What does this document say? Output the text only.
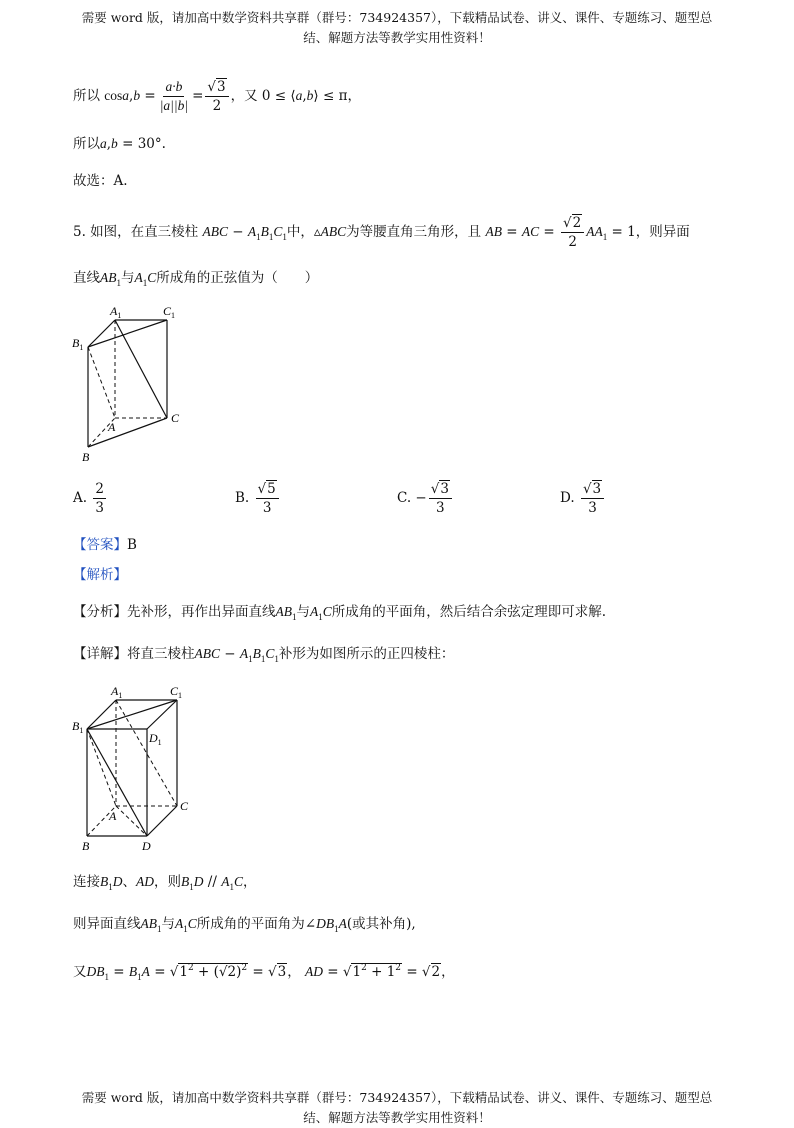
需要 word 版，请加高中数学资料共享群（群号：734924357），下载精品试卷、讲义、课件、专题练习、题型总
结、解题方法等教学实用性资料！
所以 $\cos a,b = \frac{a\cdot b}{|a||b|} = \frac{√3}{2}$ ，又 0 ≤ ⟨a,b⟩ ≤ π，
所以a,b = 30°.
故选：A.
5. 如图，在直三棱柱 ABC − $A_1B_1C_1$中，▵ABC为等腰直角三角形，且 AB = AC = $\frac{√2}{2} AA_1 = 1$，则异面
直线$AB_1$与$A_1C$所成角的正弦值为（　　）
$A_1$	$C_1$
$B_1$
A
C
B
A. $\frac{2}{3}$	B. $\frac{√5}{3}$	C. − $\frac{√3}{3}$	D. $\frac{√3}{3}$
【答案】B
【解析】
【分析】先补形，再作出异面直线$AB_1$与$A_1C$所成角的平面角，然后结合余弦定理即可求解.
【详解】将直三棱柱ABC − $A_1B_1C_1$补形为如图所示的正四棱柱：
$A_1$	$C_1$
$B_1$
$D_1$
A
C
B	D
连接$B_1D$、AD，则$B_1D // A_1C$，
则异面直线$AB_1$与$A_1C$所成角的平面角为$\angle DB_1A$(或其补角),
又$DB_1 = B_1A = √1^2 + (√2)^2 = √3$， AD = $√1^2 + 1^2 = √2$，
需要 word 版，请加高中数学资料共享群（群号：734924357），下载精品试卷、讲义、课件、专题练习、题型总
结、解题方法等教学实用性资料！
